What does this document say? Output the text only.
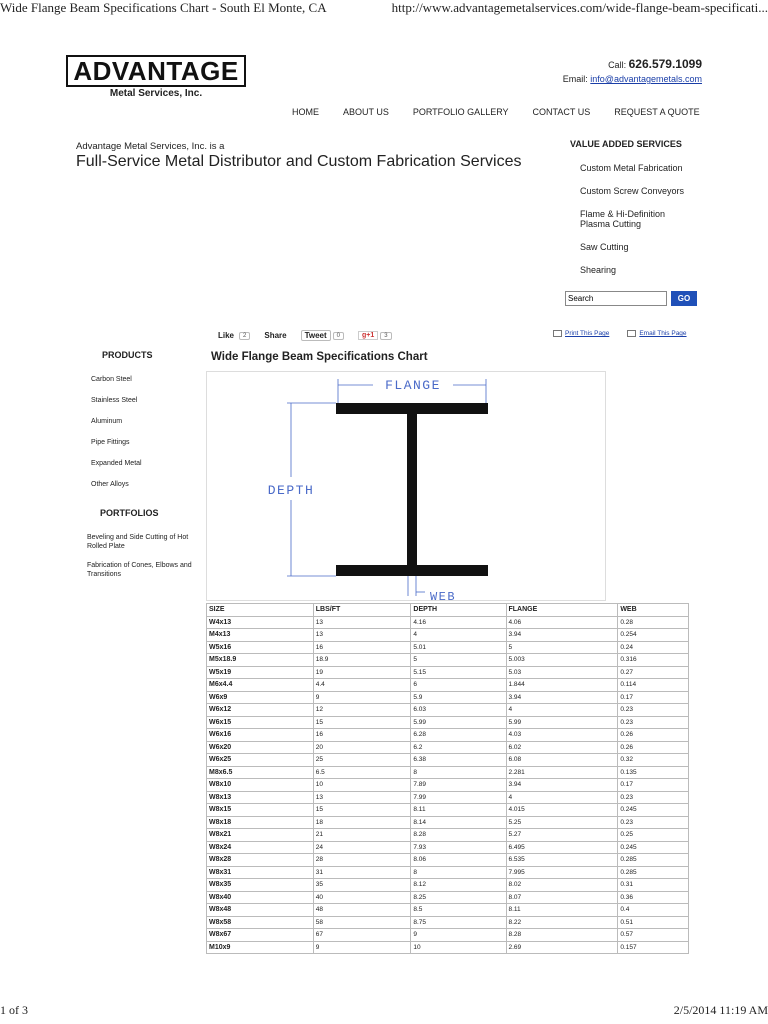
Wide Flange Beam Specifications Chart - South El Monte, CA	http://www.advantagemetalservices.com/wide-flange-beam-specificati...
ADVANTAGE
Metal Services, Inc.
Call: 626.579.1099
Email: info@advantagemetals.com
HOME	ABOUT US	PORTFOLIO GALLERY	CONTACT US	REQUEST A QUOTE
Advantage Metal Services, Inc. is a
Full-Service Metal Distributor and Custom Fabrication Services
VALUE ADDED SERVICES
Custom Metal Fabrication
Custom Screw Conveyors
Flame & Hi-Definition Plasma Cutting
Saw Cutting
Shearing
Search
GO
Like	2	Share	Tweet	0	g+1	3	Print This Page	Email This Page
PRODUCTS
Carbon Steel
Stainless Steel
Aluminum
Pipe Fittings
Expanded Metal
Other Alloys
PORTFOLIOS
Beveling and Side Cutting of Hot Rolled Plate
Fabrication of Cones, Elbows and Transitions
Wide Flange Beam Specifications Chart
FLANGE
DEPTH
WEB
SIZE	LBS/FT	DEPTH	FLANGE	WEB
W4x13	13	4.16	4.06	0.28
M4x13	13	4	3.94	0.254
W5x16	16	5.01	5	0.24
M5x18.9	18.9	5	5.003	0.316
W5x19	19	5.15	5.03	0.27
M6x4.4	4.4	6	1.844	0.114
W6x9	9	5.9	3.94	0.17
W6x12	12	6.03	4	0.23
W6x15	15	5.99	5.99	0.23
W6x16	16	6.28	4.03	0.26
W6x20	20	6.2	6.02	0.26
W6x25	25	6.38	6.08	0.32
M8x6.5	6.5	8	2.281	0.135
W8x10	10	7.89	3.94	0.17
W8x13	13	7.99	4	0.23
W8x15	15	8.11	4.015	0.245
W8x18	18	8.14	5.25	0.23
W8x21	21	8.28	5.27	0.25
W8x24	24	7.93	6.495	0.245
W8x28	28	8.06	6.535	0.285
W8x31	31	8	7.995	0.285
W8x35	35	8.12	8.02	0.31
W8x40	40	8.25	8.07	0.36
W8x48	48	8.5	8.11	0.4
W8x58	58	8.75	8.22	0.51
W8x67	67	9	8.28	0.57
M10x9	9	10	2.69	0.157
1 of 3	2/5/2014 11:19 AM
